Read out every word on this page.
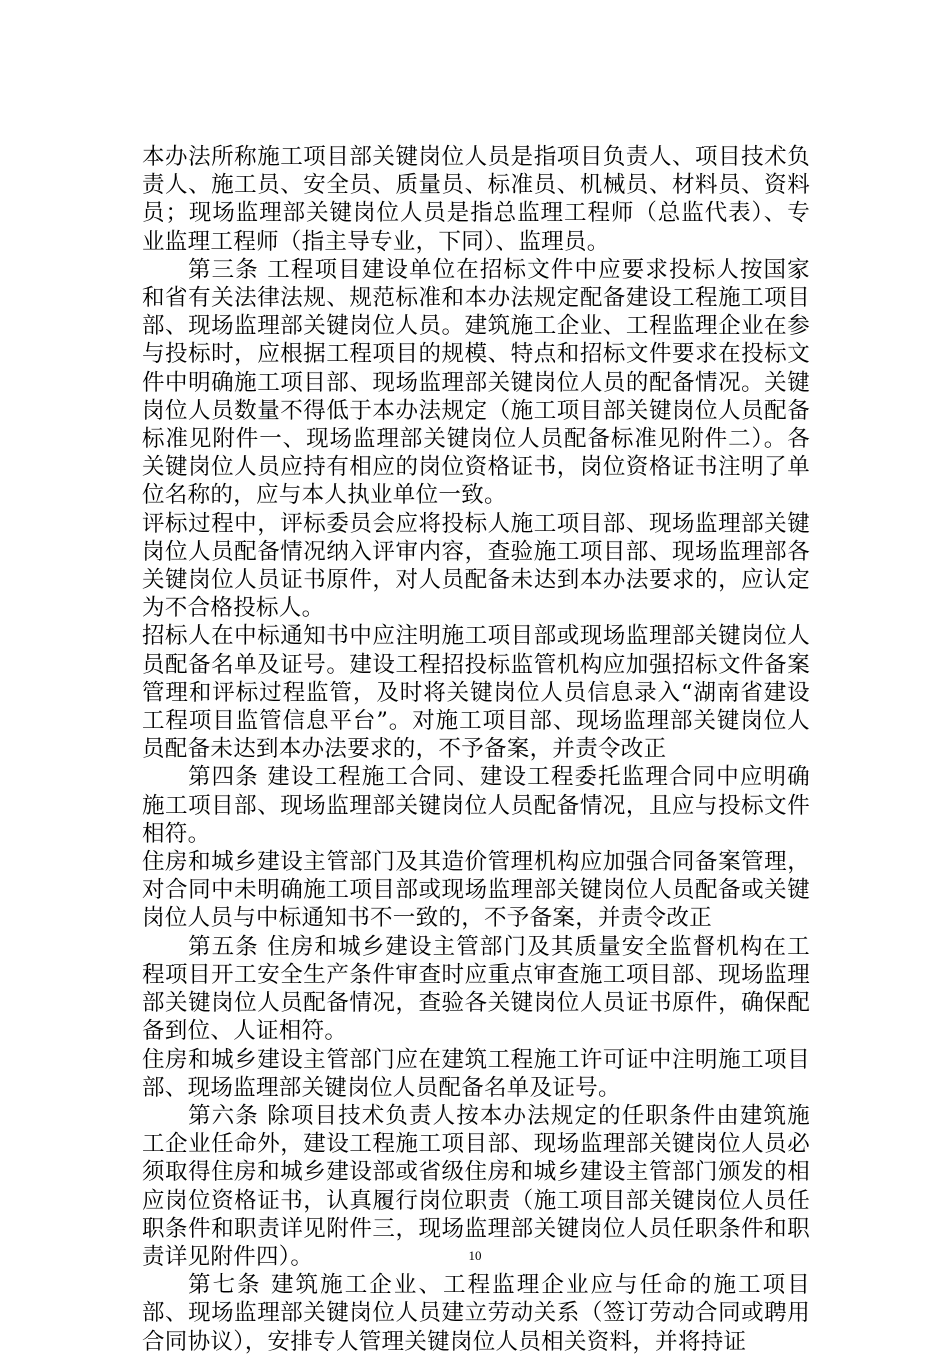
本办法所称施工项目部关键岗位人员是指项目负责人、项目技术负责人、施工员、安全员、质量员、标准员、机械员、材料员、资料员；现场监理部关键岗位人员是指总监理工程师（总监代表）、专业监理工程师（指主导专业，下同）、监理员。

第三条 工程项目建设单位在招标文件中应要求投标人按国家和省有关法律法规、规范标准和本办法规定配备建设工程施工项目部、现场监理部关键岗位人员。建筑施工企业、工程监理企业在参与投标时，应根据工程项目的规模、特点和招标文件要求在投标文件中明确施工项目部、现场监理部关键岗位人员的配备情况。关键岗位人员数量不得低于本办法规定（施工项目部关键岗位人员配备标准见附件一、现场监理部关键岗位人员配备标准见附件二）。各关键岗位人员应持有相应的岗位资格证书，岗位资格证书注明了单位名称的，应与本人执业单位一致。

评标过程中，评标委员会应将投标人施工项目部、现场监理部关键岗位人员配备情况纳入评审内容，查验施工项目部、现场监理部各关键岗位人员证书原件，对人员配备未达到本办法要求的，应认定为不合格投标人。

招标人在中标通知书中应注明施工项目部或现场监理部关键岗位人员配备名单及证号。建设工程招投标监管机构应加强招标文件备案管理和评标过程监管，及时将关键岗位人员信息录入“湖南省建设工程项目监管信息平台”。对施工项目部、现场监理部关键岗位人员配备未达到本办法要求的，不予备案，并责令改正

第四条 建设工程施工合同、建设工程委托监理合同中应明确施工项目部、现场监理部关键岗位人员配备情况，且应与投标文件相符。

住房和城乡建设主管部门及其造价管理机构应加强合同备案管理，对合同中未明确施工项目部或现场监理部关键岗位人员配备或关键岗位人员与中标通知书不一致的，不予备案，并责令改正

第五条 住房和城乡建设主管部门及其质量安全监督机构在工程项目开工安全生产条件审查时应重点审查施工项目部、现场监理部关键岗位人员配备情况，查验各关键岗位人员证书原件，确保配备到位、人证相符。

住房和城乡建设主管部门应在建筑工程施工许可证中注明施工项目部、现场监理部关键岗位人员配备名单及证号。

第六条 除项目技术负责人按本办法规定的任职条件由建筑施工企业任命外，建设工程施工项目部、现场监理部关键岗位人员必须取得住房和城乡建设部或省级住房和城乡建设主管部门颁发的相应岗位资格证书，认真履行岗位职责（施工项目部关键岗位人员任职条件和职责详见附件三，现场监理部关键岗位人员任职条件和职责详见附件四）。

第七条 建筑施工企业、工程监理企业应与任命的施工项目部、现场监理部关键岗位人员建立劳动关系（签订劳动合同或聘用合同协议），安排专人管理关键岗位人员相关资料，并将持证

10
